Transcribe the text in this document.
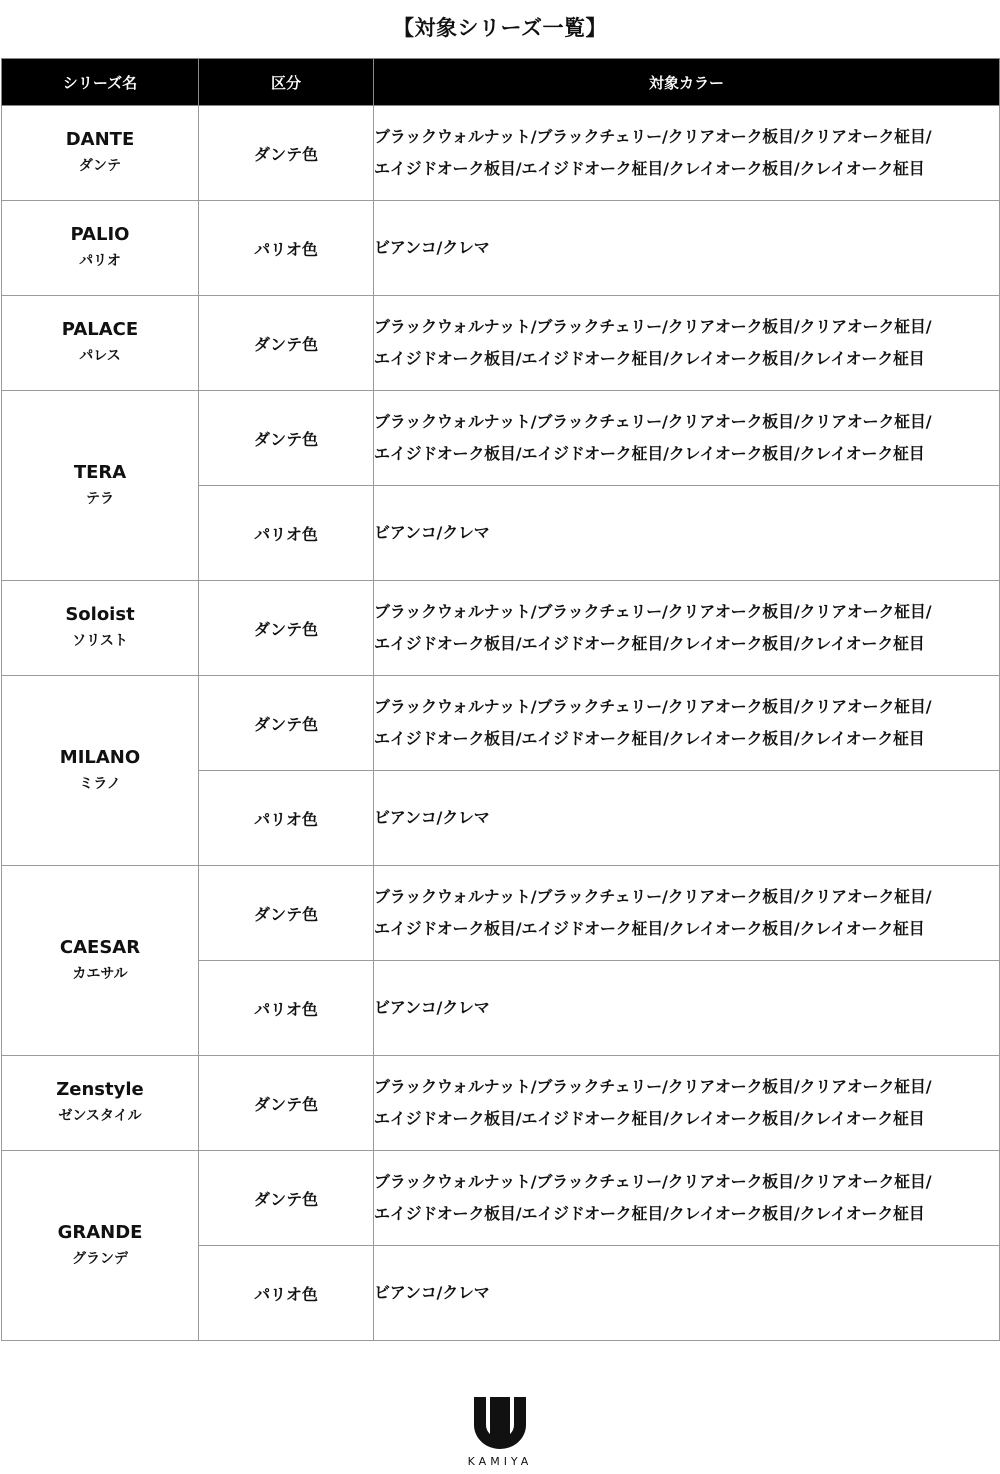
【対象シリーズ一覧】
シリーズ名	区分	対象カラー

DANTE
ダンテ	ダンテ色	ブラックウォルナット/ブラックチェリー/クリアオーク板目/クリアオーク柾目/
エイジドオーク板目/エイジドオーク柾目/クレイオーク板目/クレイオーク柾目

PALIO
パリオ	パリオ色	ビアンコ/クレマ

PALACE
パレス	ダンテ色	ブラックウォルナット/ブラックチェリー/クリアオーク板目/クリアオーク柾目/
エイジドオーク板目/エイジドオーク柾目/クレイオーク板目/クレイオーク柾目

TERA
テラ	ダンテ色	ブラックウォルナット/ブラックチェリー/クリアオーク板目/クリアオーク柾目/
エイジドオーク板目/エイジドオーク柾目/クレイオーク板目/クレイオーク柾目
	パリオ色	ビアンコ/クレマ

Soloist
ソリスト	ダンテ色	ブラックウォルナット/ブラックチェリー/クリアオーク板目/クリアオーク柾目/
エイジドオーク板目/エイジドオーク柾目/クレイオーク板目/クレイオーク柾目

MILANO
ミラノ	ダンテ色	ブラックウォルナット/ブラックチェリー/クリアオーク板目/クリアオーク柾目/
エイジドオーク板目/エイジドオーク柾目/クレイオーク板目/クレイオーク柾目
	パリオ色	ビアンコ/クレマ

CAESAR
カエサル	ダンテ色	ブラックウォルナット/ブラックチェリー/クリアオーク板目/クリアオーク柾目/
エイジドオーク板目/エイジドオーク柾目/クレイオーク板目/クレイオーク柾目
	パリオ色	ビアンコ/クレマ

Zenstyle
ゼンスタイル	ダンテ色	ブラックウォルナット/ブラックチェリー/クリアオーク板目/クリアオーク柾目/
エイジドオーク板目/エイジドオーク柾目/クレイオーク板目/クレイオーク柾目

GRANDE
グランデ	ダンテ色	ブラックウォルナット/ブラックチェリー/クリアオーク板目/クリアオーク柾目/
エイジドオーク板目/エイジドオーク柾目/クレイオーク板目/クレイオーク柾目
	パリオ色	ビアンコ/クレマ
KAMIYA
